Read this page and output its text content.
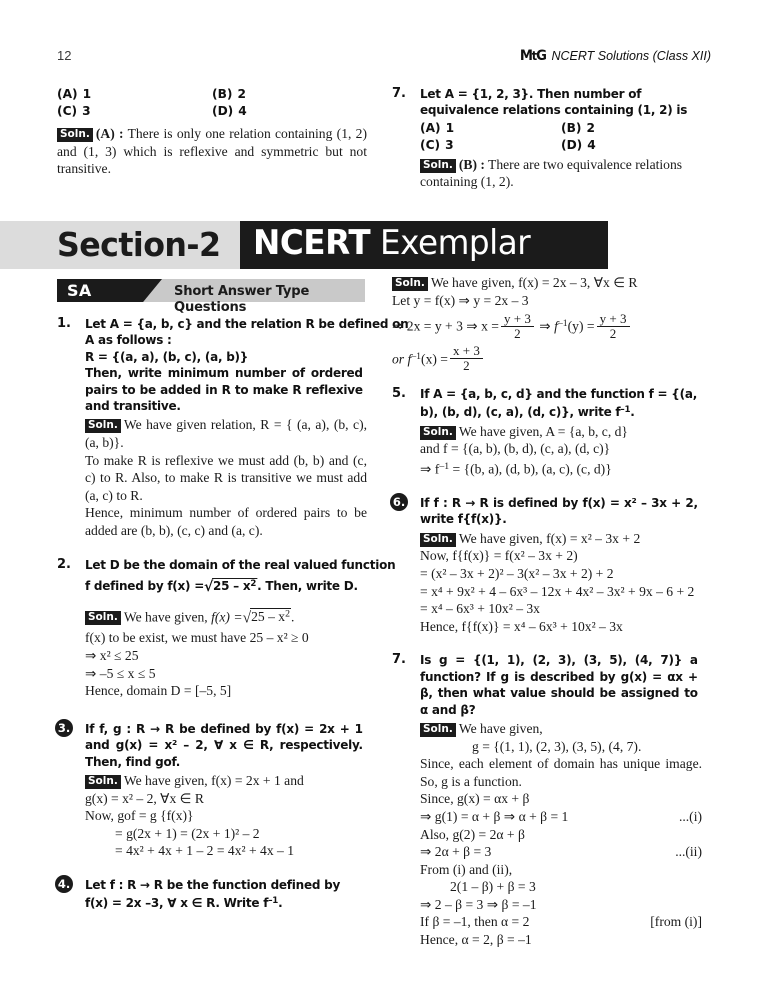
12	MtG NCERT Solutions (Class XII)
(A) 1	(B) 2
(C) 3	(D) 4
Soln. (A) : There is only one relation containing (1, 2) and (1, 3) which is reflexive and symmetric but not transitive.
7. Let A = {1, 2, 3}. Then number of equivalence relations containing (1, 2) is
(A) 1	(B) 2
(C) 3	(D) 4
Soln. (B) : There are two equivalence relations containing (1, 2).
Section-2 NCERT Exemplar
SA	Short Answer Type Questions
1. Let A = {a, b, c} and the relation R be defined on
A as follows :
R = {(a, a), (b, c), (a, b)}
Then, write minimum number of ordered pairs to be added in R to make R reflexive and transitive.
Soln. We have given relation, R = { (a, a), (b, c), (a, b)}.
To make R is reflexive we must add (b, b) and (c, c) to R. Also, to make R is transitive we must add (a, c) to R.
Hence, minimum number of ordered pairs to be added are (b, b), (c, c) and (a, c).
2. Let D be the domain of the real valued function
f defined by $f(x) =√25 - x^2$. Then, write D.
Soln. We have given, $f(x) =√25 - x^2$.
f(x) to be exist, we must have 25 – x² ≥ 0
⇒ x² ≤ 25
⇒ –5 ≤ x ≤ 5
Hence, domain D = [–5, 5]
3. If f, g : R → R be defined by f(x) = 2x + 1 and g(x) = x² – 2, ∀ x ∈ R, respectively. Then, find gof.
Soln. We have given, f(x) = 2x + 1 and
g(x) = x² – 2, ∀x ∈ R
Now, gof = g {f(x)}
= g(2x + 1) = (2x + 1)² – 2
= 4x² + 4x + 1 – 2 = 4x² + 4x – 1
4. Let f : R → R be the function defined by
f(x) = 2x –3, ∀ x ∈ R. Write $f^{-1}$.
Soln. We have given, f(x) = 2x – 3, ∀x ∈ R
Let y = f(x) ⇒ y = 2x – 3
⇒ 2x = y + 3 ⇒ $x = \frac{y + 3}{2}$ ⇒ $f^{-1}(y) = \frac{y + 3}{2}$
or $f^{-1}(x) = \frac{x + 3}{2}$
5. If A = {a, b, c, d} and the function f = {(a, b), (b, d), (c, a), (d, c)}, write $f^{-1}$.
Soln. We have given, A = {a, b, c, d}
and f = {(a, b), (b, d), (c, a), (d, c)}
⇒ $f^{-1} = \{(b$, a), (d, b), (a, c), (c, d)}
6. If f : R → R is defined by f(x) = x² – 3x + 2, write f{f(x)}.
Soln. We have given, f(x) = x² – 3x + 2
Now, f{f(x)} = f(x² – 3x + 2)
= (x² – 3x + 2)² – 3(x² – 3x + 2) + 2
= x⁴ + 9x² + 4 – 6x³ – 12x + 4x² – 3x² + 9x – 6 + 2
= x⁴ – 6x³ + 10x² – 3x
Hence, f{f(x)} = x⁴ – 6x³ + 10x² – 3x
7. Is g = {(1, 1), (2, 3), (3, 5), (4, 7)} a function? If g is described by g(x) = αx + β, then what value should be assigned to α and β?
Soln. We have given,
g = {(1, 1), (2, 3), (3, 5), (4, 7).
Since, each element of domain has unique image. So, g is a function.
Since, g(x) = αx + β
⇒ g(1) = α + β ⇒ α + β = 1	...(i)
Also, g(2) = 2α + β
⇒ 2α + β = 3	...(ii)
From (i) and (ii),
2(1 – β) + β = 3
⇒ 2 – β = 3 ⇒ β = –1
If β = –1, then α = 2	[from (i)]
Hence, α = 2, β = –1
